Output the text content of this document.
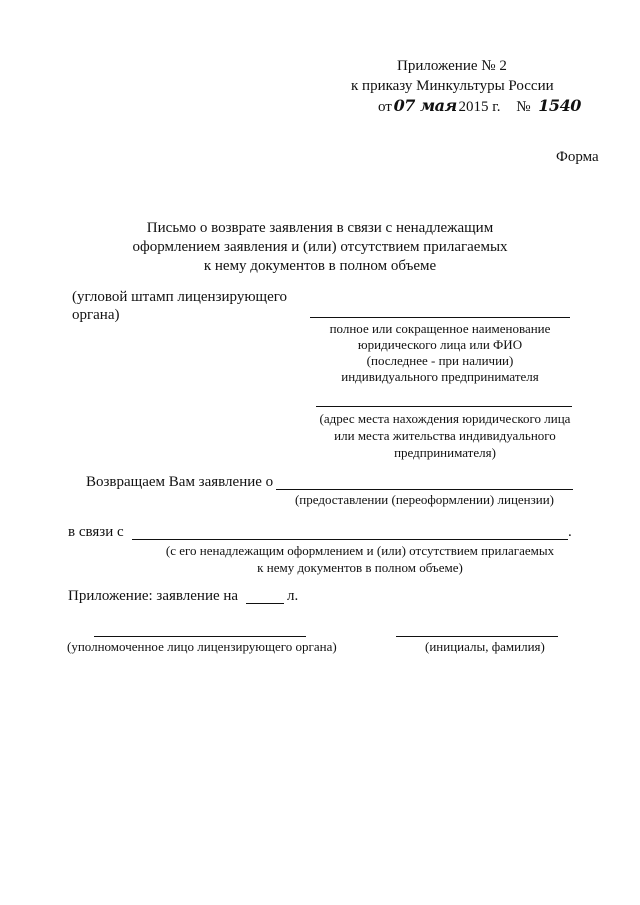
Приложение № 2
к приказу Минкультуры России
от 07 мая 2015 г. № 1540
Форма
Письмо о возврате заявления в связи с ненадлежащим
оформлением заявления и (или) отсутствием прилагаемых
к нему документов в полном объеме
(угловой штамп лицензирующего
органа)
полное или сокращенное наименование
юридического лица или ФИО
(последнее - при наличии)
индивидуального предпринимателя
(адрес места нахождения юридического лица
или места жительства индивидуального
предпринимателя)
Возвращаем Вам заявление о
(предоставлении (переоформлении) лицензии)
в связи с	.
(с его ненадлежащим оформлением и (или) отсутствием прилагаемых
к нему документов в полном объеме)
Приложение: заявление на	л.
(уполномоченное лицо лицензирующего органа)	(инициалы, фамилия)
